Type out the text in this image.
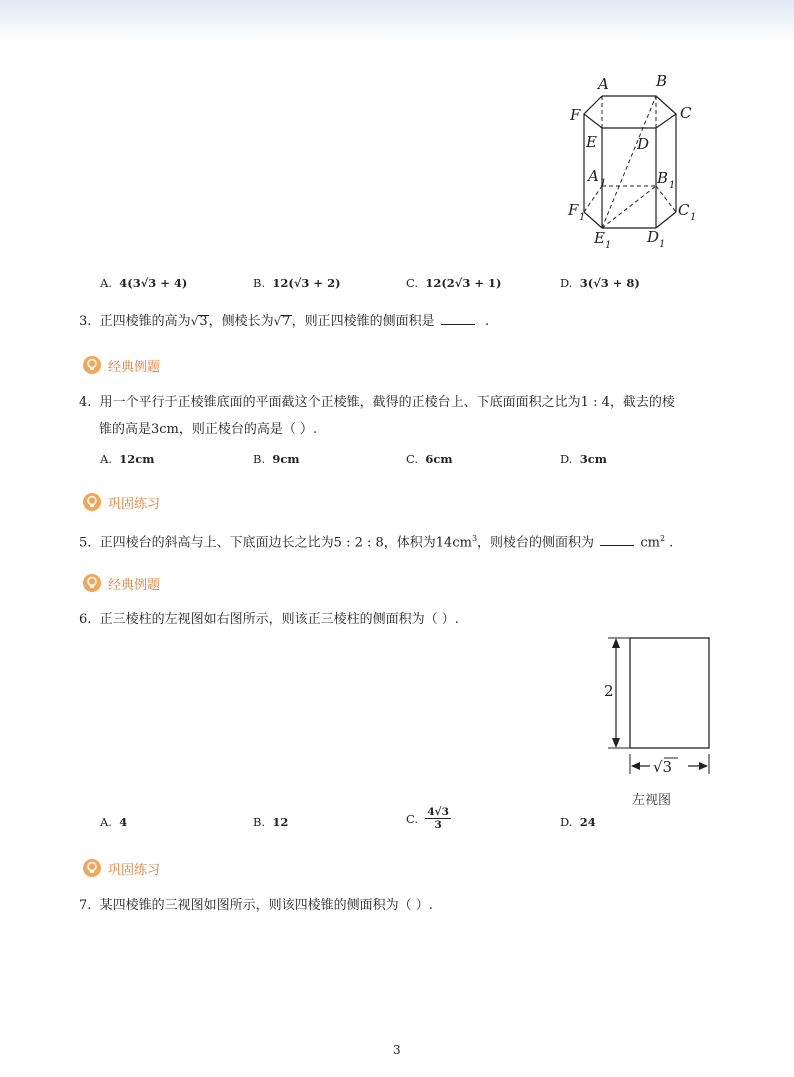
A	B
C
D
E
F
A 1	B 1
C 1
D 1
E 1
F 1
A. 4(3√3 + 4)	B. 12(√3 + 2)	C. 12(2√3 + 1)	D. 3(√3 + 8)
3. 正四棱锥的高为 √ 3 ，侧棱长为 √ 7 ，则正四棱锥的侧面积是	.
经典例题
4. 用一个平行于正棱锥底面的平面截这个正棱锥，截得的正棱台上、下底面面积之比为1 : 4，截去的棱
锥的高是3cm，则正棱台的高是（ ）.
A. 12cm	B. 9cm	C. 6cm	D. 3cm
巩固练习
5. 正四棱台的斜高与上、下底面边长之比为5 : 2 : 8，体积为$14cm^3$，则棱台的侧面积为	$cm^2$ .
经典例题
6. 正三棱柱的左视图如右图所示，则该正三棱柱的侧面积为（ ）.
2
√3
左视图
A. 4	B. 12	C.
$\frac{4√3}{3}$	D. 24
巩固练习
7. 某四棱锥的三视图如图所示，则该四棱锥的侧面积为（ ）.
3
